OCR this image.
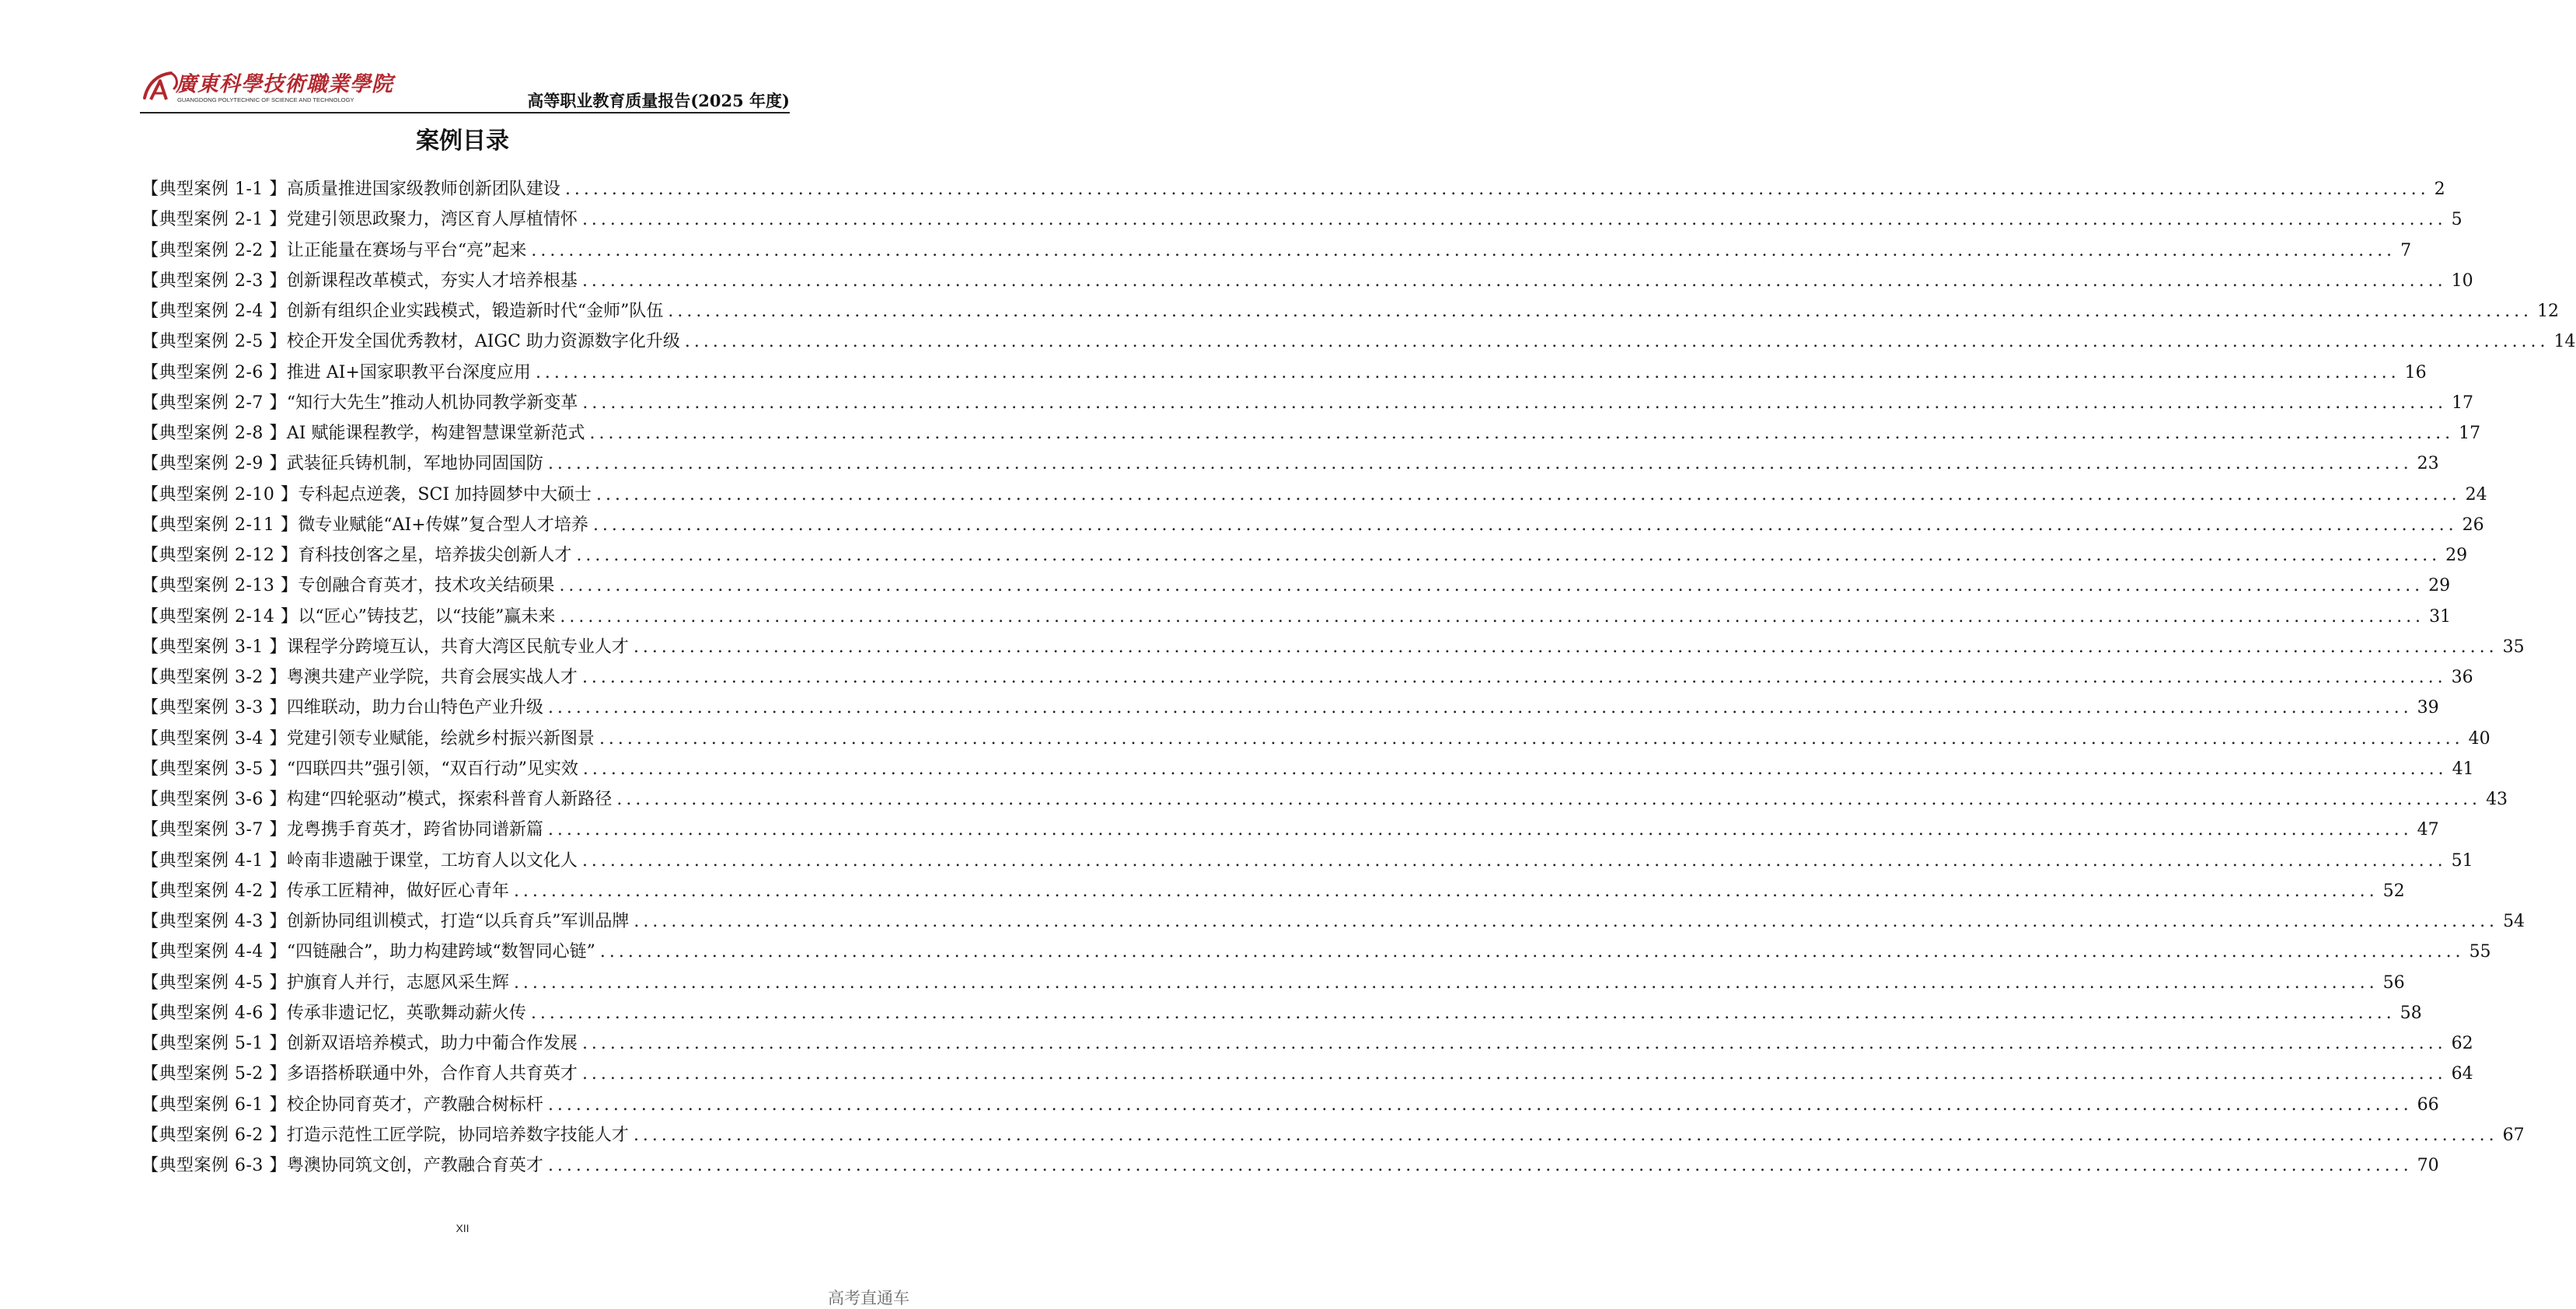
廣東科學技術職業學院
GUANGDONG POLYTECHNIC OF SCIENCE AND TECHNOLOGY	高等职业教育质量报告(2025 年度)
案例目录
【典型案例 1-1 】 高质量推进国家级教师创新团队建设 ........................................................................................................................................................................................................ 2
【典型案例 2-1 】 党建引领思政聚力，湾区育人厚植情怀 ........................................................................................................................................................................................................ 5
【典型案例 2-2 】 让正能量在赛场与平台“亮”起来 ........................................................................................................................................................................................................ 7
【典型案例 2-3 】 创新课程改革模式，夯实人才培养根基 ........................................................................................................................................................................................................ 10
【典型案例 2-4 】 创新有组织企业实践模式，锻造新时代“金师”队伍 ........................................................................................................................................................................................................ 12
【典型案例 2-5 】 校企开发全国优秀教材，AIGC 助力资源数字化升级 ........................................................................................................................................................................................................ 14
【典型案例 2-6 】 推进 AI+国家职教平台深度应用 ........................................................................................................................................................................................................ 16
【典型案例 2-7 】 “知行大先生”推动人机协同教学新变革 ........................................................................................................................................................................................................ 17
【典型案例 2-8 】 AI 赋能课程教学，构建智慧课堂新范式 ........................................................................................................................................................................................................ 17
【典型案例 2-9 】 武装征兵铸机制，军地协同固国防 ........................................................................................................................................................................................................ 23
【典型案例 2-10 】 专科起点逆袭，SCI 加持圆梦中大硕士 ........................................................................................................................................................................................................ 24
【典型案例 2-11 】 微专业赋能“AI+传媒”复合型人才培养 ........................................................................................................................................................................................................ 26
【典型案例 2-12 】 育科技创客之星，培养拔尖创新人才 ........................................................................................................................................................................................................ 29
【典型案例 2-13 】 专创融合育英才，技术攻关结硕果 ........................................................................................................................................................................................................ 29
【典型案例 2-14 】 以“匠心”铸技艺，以“技能”赢未来 ........................................................................................................................................................................................................ 31
【典型案例 3-1 】 课程学分跨境互认，共育大湾区民航专业人才 ........................................................................................................................................................................................................ 35
【典型案例 3-2 】 粤澳共建产业学院，共育会展实战人才 ........................................................................................................................................................................................................ 36
【典型案例 3-3 】 四维联动，助力台山特色产业升级 ........................................................................................................................................................................................................ 39
【典型案例 3-4 】 党建引领专业赋能，绘就乡村振兴新图景 ........................................................................................................................................................................................................ 40
【典型案例 3-5 】 “四联四共”强引领，“双百行动”见实效 ........................................................................................................................................................................................................ 41
【典型案例 3-6 】 构建“四轮驱动”模式，探索科普育人新路径 ........................................................................................................................................................................................................ 43
【典型案例 3-7 】 龙粤携手育英才，跨省协同谱新篇 ........................................................................................................................................................................................................ 47
【典型案例 4-1 】 岭南非遗融于课堂，工坊育人以文化人 ........................................................................................................................................................................................................ 51
【典型案例 4-2 】 传承工匠精神，做好匠心青年 ........................................................................................................................................................................................................ 52
【典型案例 4-3 】 创新协同组训模式，打造“以兵育兵”军训品牌 ........................................................................................................................................................................................................ 54
【典型案例 4-4 】 “四链融合”，助力构建跨域“数智同心链” ........................................................................................................................................................................................................ 55
【典型案例 4-5 】 护旗育人并行，志愿风采生辉 ........................................................................................................................................................................................................ 56
【典型案例 4-6 】 传承非遗记忆，英歌舞动薪火传 ........................................................................................................................................................................................................ 58
【典型案例 5-1 】 创新双语培养模式，助力中葡合作发展 ........................................................................................................................................................................................................ 62
【典型案例 5-2 】 多语搭桥联通中外，合作育人共育英才 ........................................................................................................................................................................................................ 64
【典型案例 6-1 】 校企协同育英才，产教融合树标杆 ........................................................................................................................................................................................................ 66
【典型案例 6-2 】 打造示范性工匠学院，协同培养数字技能人才 ........................................................................................................................................................................................................ 67
【典型案例 6-3 】 粤澳协同筑文创，产教融合育英才 ........................................................................................................................................................................................................ 70
XII
高考直通车
